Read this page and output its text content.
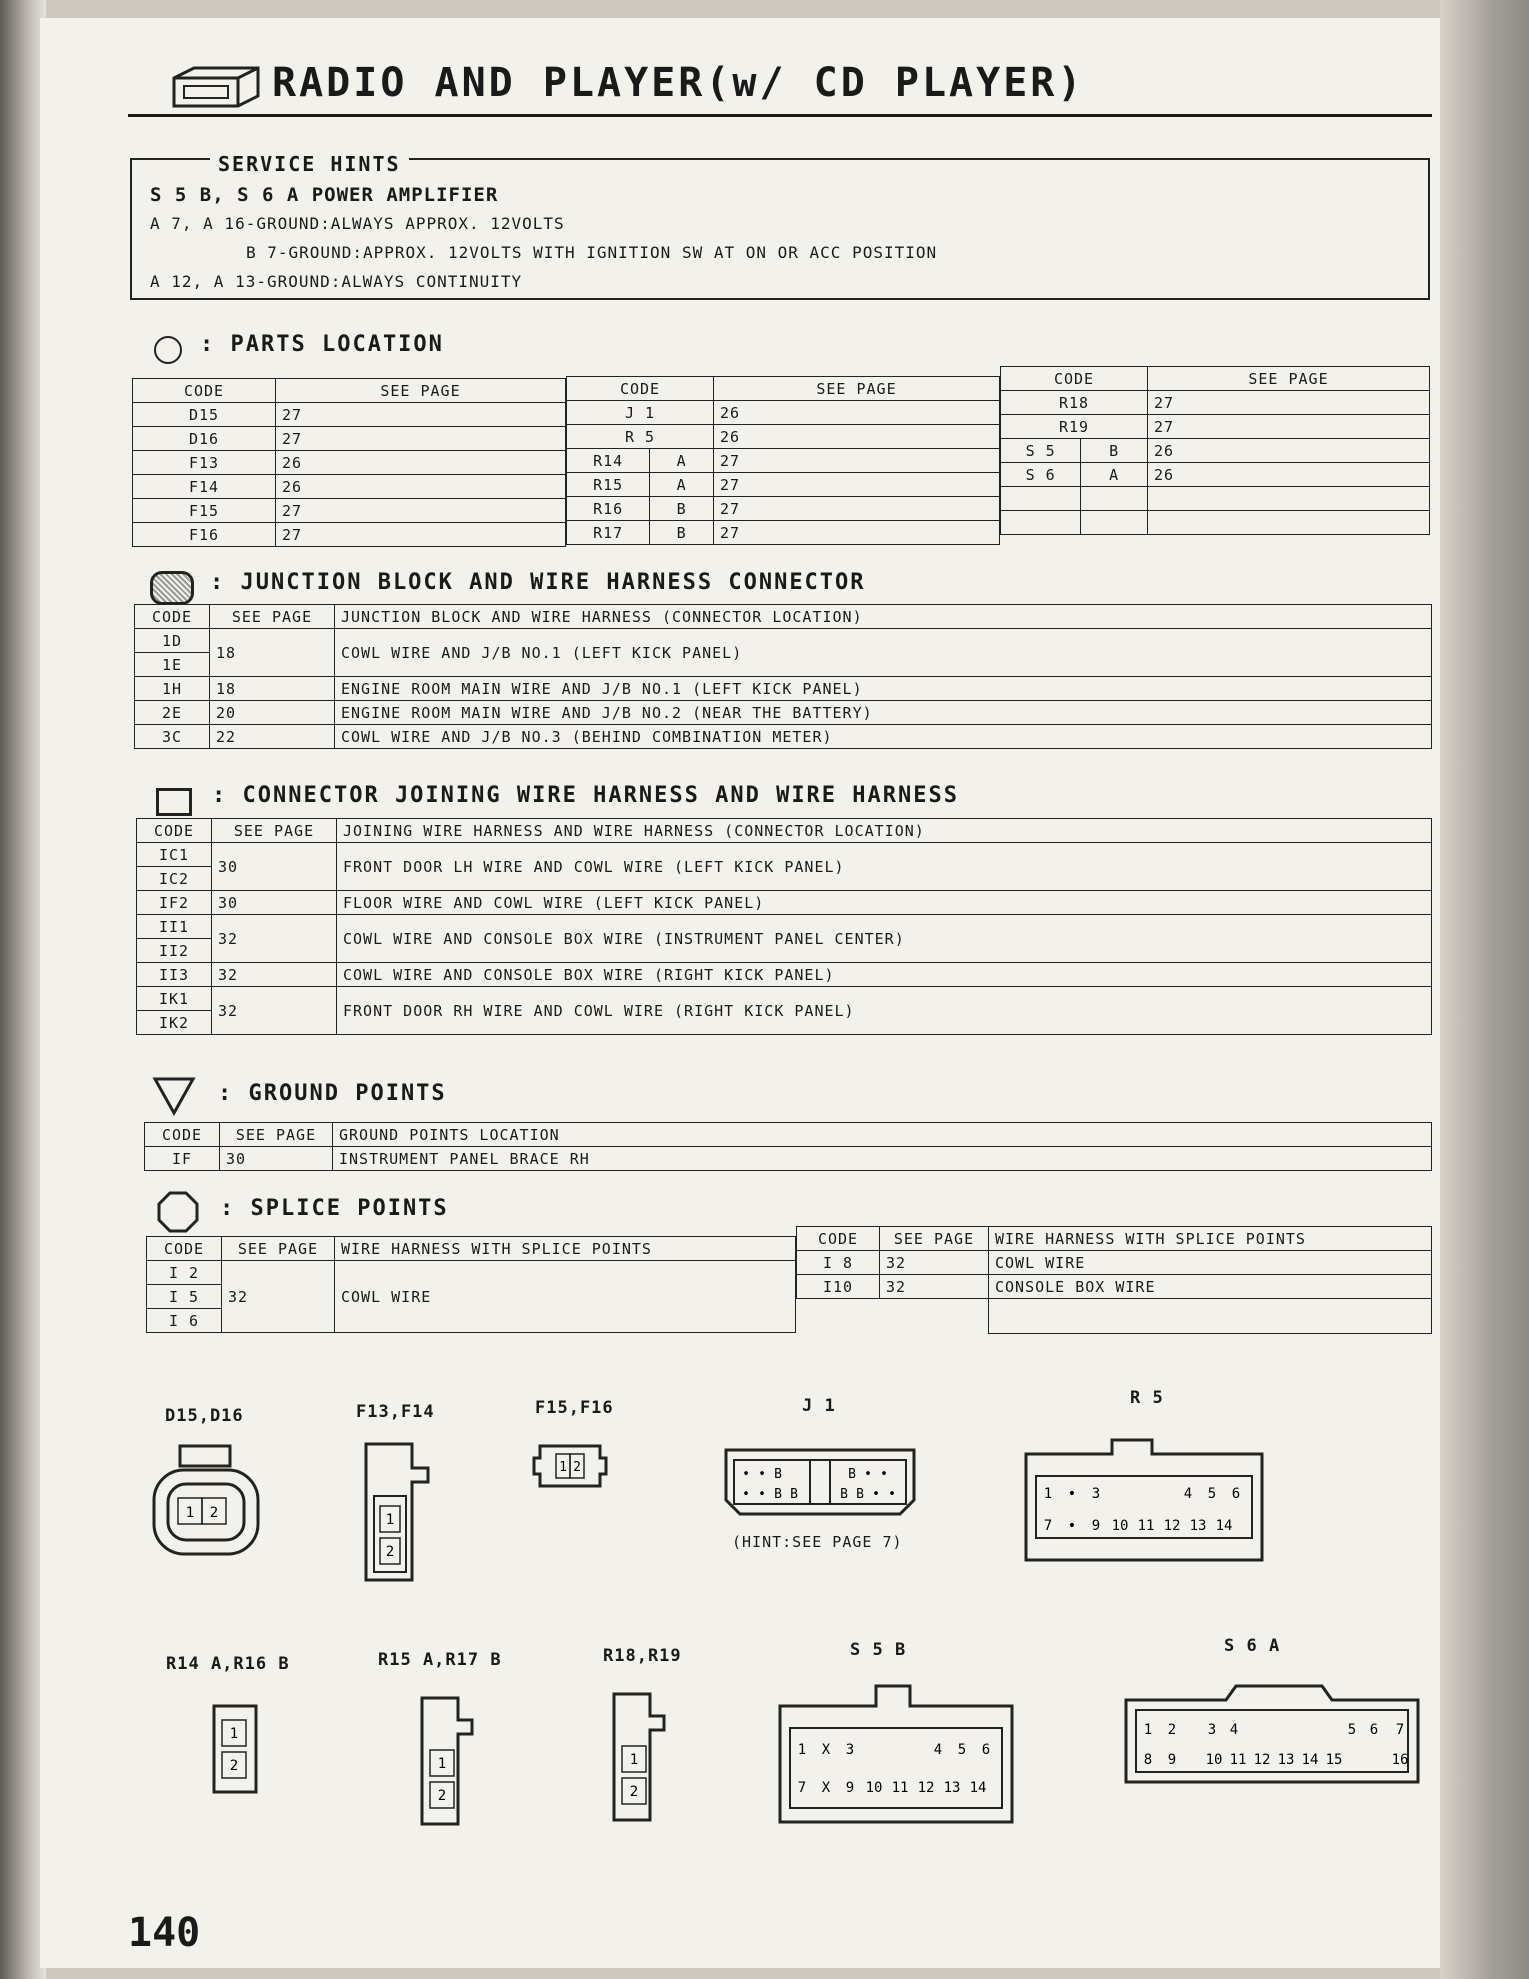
RADIO AND PLAYER(w/ CD PLAYER)
SERVICE HINTS
S 5 B, S 6 A POWER AMPLIFIER
A 7, A 16-GROUND:ALWAYS APPROX. 12VOLTS
B 7-GROUND:APPROX. 12VOLTS WITH IGNITION SW AT ON OR ACC POSITION
A 12, A 13-GROUND:ALWAYS CONTINUITY
: PARTS LOCATION
CODE	SEE PAGE
D15	27
D16	27
F13	26
F14	26
F15	27
F16	27
CODE		SEE PAGE
J 1		26
R 5		26
R14	A	27
R15	A	27
R16	B	27
R17	B	27
CODE		SEE PAGE
R18		27
R19		27
S 5	B	26
S 6	A	26

: JUNCTION BLOCK AND WIRE HARNESS CONNECTOR
CODE	SEE PAGE	JUNCTION BLOCK AND WIRE HARNESS (CONNECTOR LOCATION)
1D	18	COWL WIRE AND J/B NO.1 (LEFT KICK PANEL)
1E		
1H	18	ENGINE ROOM MAIN WIRE AND J/B NO.1 (LEFT KICK PANEL)
2E	20	ENGINE ROOM MAIN WIRE AND J/B NO.2 (NEAR THE BATTERY)
3C	22	COWL WIRE AND J/B NO.3 (BEHIND COMBINATION METER)
: CONNECTOR JOINING WIRE HARNESS AND WIRE HARNESS
CODE	SEE PAGE	JOINING WIRE HARNESS AND WIRE HARNESS (CONNECTOR LOCATION)
IC1	30	FRONT DOOR LH WIRE AND COWL WIRE (LEFT KICK PANEL)
IC2		
IF2	30	FLOOR WIRE AND COWL WIRE (LEFT KICK PANEL)
II1	32	COWL WIRE AND CONSOLE BOX WIRE (INSTRUMENT PANEL CENTER)
II2		
II3	32	COWL WIRE AND CONSOLE BOX WIRE (RIGHT KICK PANEL)
IK1	32	FRONT DOOR RH WIRE AND COWL WIRE (RIGHT KICK PANEL)
IK2		
: GROUND POINTS
CODE	SEE PAGE	GROUND POINTS LOCATION
IF	30	INSTRUMENT PANEL BRACE RH
: SPLICE POINTS
CODE	SEE PAGE	WIRE HARNESS WITH SPLICE POINTS
I 2	32	COWL WIRE
I 5		
I 6		
CODE	SEE PAGE	WIRE HARNESS WITH SPLICE POINTS
I 8	32	COWL WIRE
I10	32	CONSOLE BOX WIRE

D15,D16
1 2
F13,F14
1
2
F15,F16
1 2
J 1
• • B	B • •
• • B B	B B • •
(HINT:SEE PAGE 7)
R 5
1 • 3	4 5 6
7 • 9 10 11 12 13 14
R14 A,R16 B
1
2
R15 A,R17 B
1
2
R18,R19
1
2
S 5 B
1 X 3	4 5 6
7 X 9 10 11 12 13 14
S 6 A
1 2 3 4	5 6 7
8 9 10 11 12 13 14 15	16
140
